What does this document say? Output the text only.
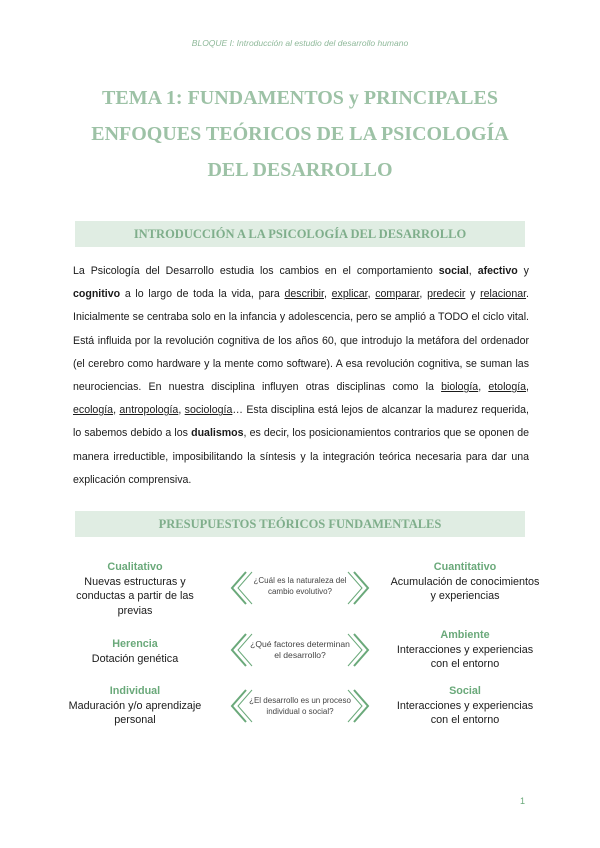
BLOQUE I: Introducción al estudio del desarrollo humano
TEMA 1: FUNDAMENTOS y PRINCIPALES
ENFOQUES TEÓRICOS DE LA PSICOLOGÍA
DEL DESARROLLO
INTRODUCCIÓN A LA PSICOLOGÍA DEL DESARROLLO
La Psicología del Desarrollo estudia los cambios en el comportamiento social, afectivo y cognitivo a lo largo de toda la vida, para describir, explicar, comparar, predecir y relacionar. Inicialmente se centraba solo en la infancia y adolescencia, pero se amplió a TODO el ciclo vital. Está influida por la revolución cognitiva de los años 60, que introdujo la metáfora del ordenador (el cerebro como hardware y la mente como software). A esa revolución cognitiva, se suman las neurociencias. En nuestra disciplina influyen otras disciplinas como la biología, etología, ecología, antropología, sociología… Esta disciplina está lejos de alcanzar la madurez requerida, lo sabemos debido a los dualismos, es decir, los posicionamientos contrarios que se oponen de manera irreductible, imposibilitando la síntesis y la integración teórica necesaria para dar una explicación comprensiva.
PRESUPUESTOS TEÓRICOS FUNDAMENTALES
Cualitativo
Nuevas estructuras y conductas a partir de las previas
¿Cuál es la naturaleza del cambio evolutivo?
Cuantitativo
Acumulación de conocimientos y experiencias
Herencia
Dotación genética
¿Qué factores determinan el desarrollo?
Ambiente
Interacciones y experiencias con el entorno
Individual
Maduración y/o aprendizaje personal
¿El desarrollo es un proceso individual o social?
Social
Interacciones y experiencias con el entorno
1
